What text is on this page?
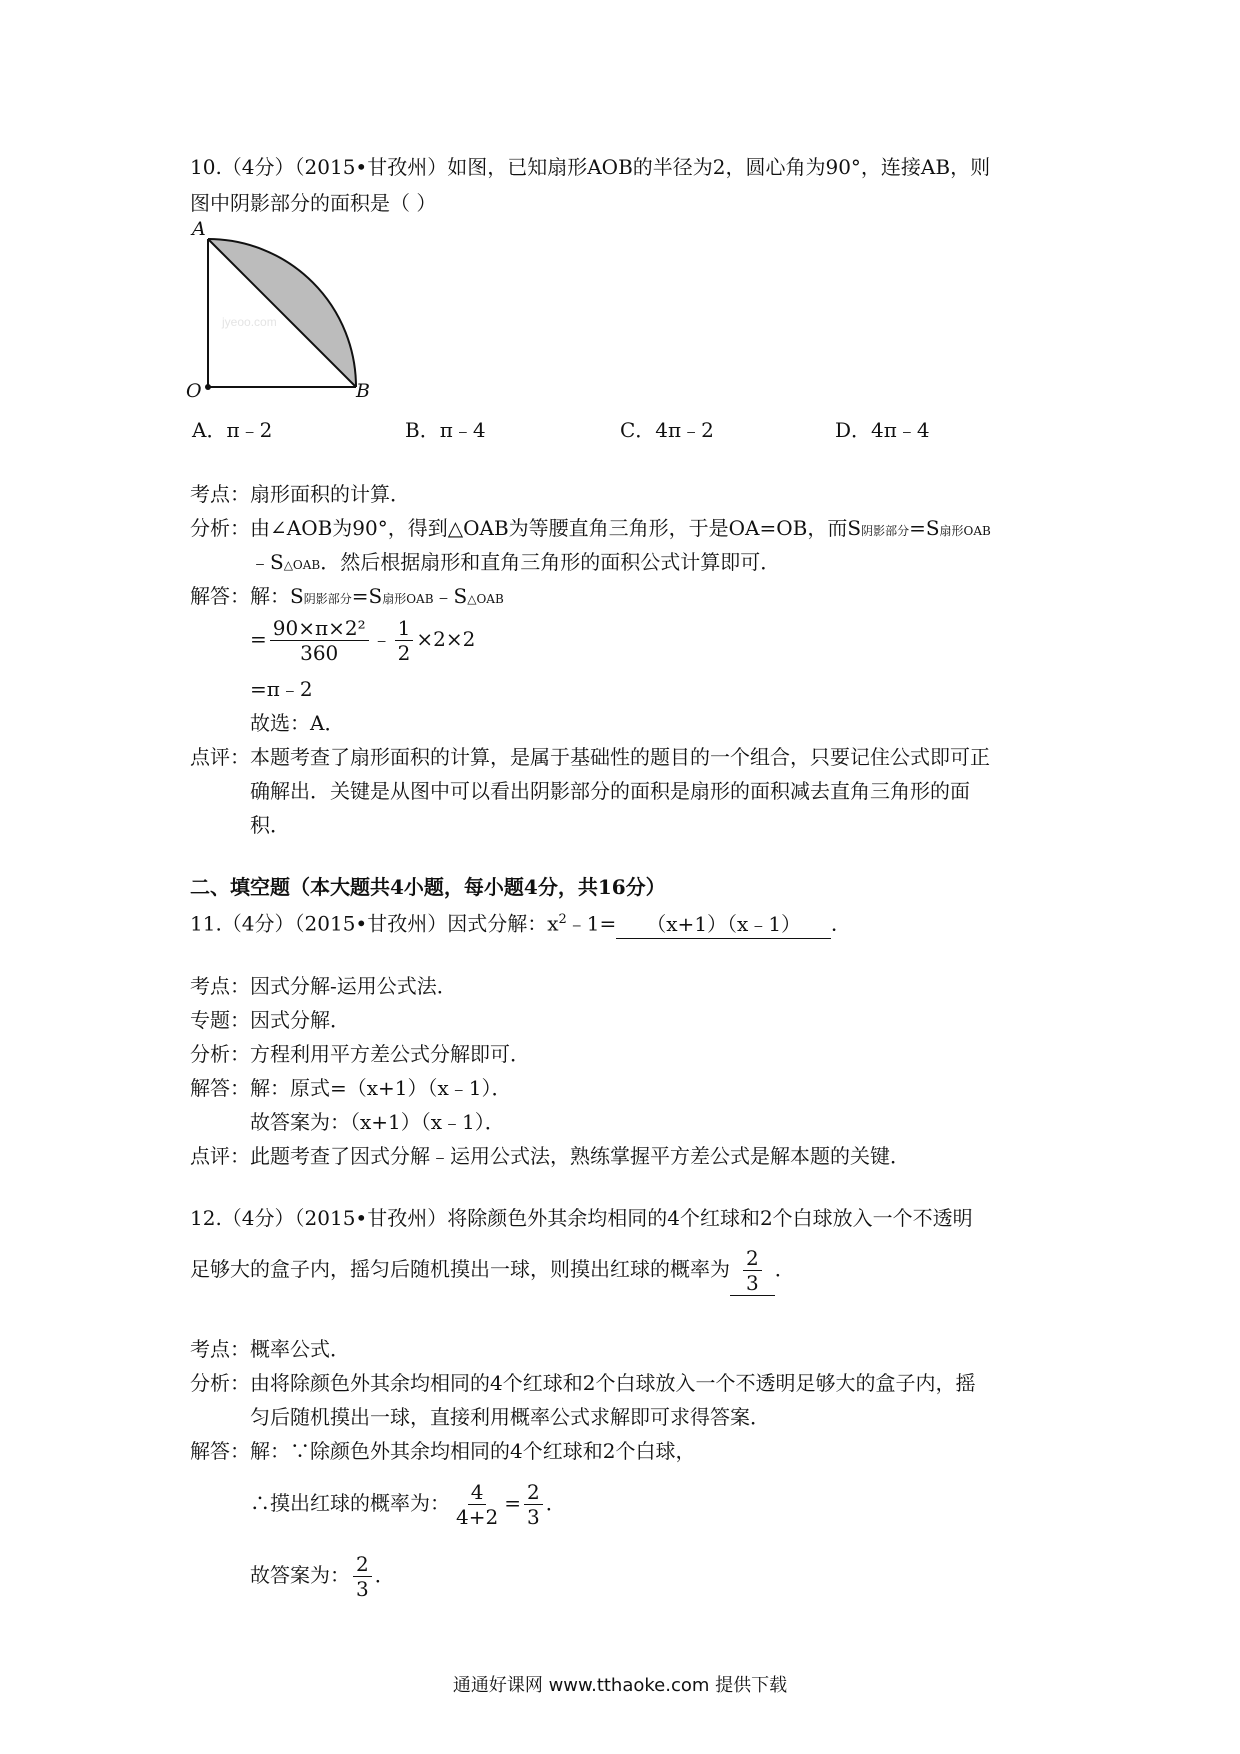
10.（4分）（2015•甘孜州）如图，已知扇形AOB的半径为2，圆心角为90°，连接AB，则
图中阴影部分的面积是（ ）
jyeoo.com
A
O	B
A．π﹣2	B．π﹣4	C．4π﹣2	D．4π﹣4
考点：扇形面积的计算．
分析：由∠AOB为90°，得到△OAB为等腰直角三角形，于是OA=OB，而S阴影部分=S扇形OAB
﹣S△OAB．然后根据扇形和直角三角形的面积公式计算即可．
解答：解：S阴影部分=S扇形OAB﹣S△OAB
= $\frac{\text{90×π×2²}}{360}$ ﹣ $\frac{1}{2} \times 2\times 2$
=π﹣2
故选：A．
点评：本题考查了扇形面积的计算，是属于基础性的题目的一个组合，只要记住公式即可正
确解出．关键是从图中可以看出阴影部分的面积是扇形的面积减去直角三角形的面
积．
二、填空题（本大题共4小题，每小题4分，共16分）
11.（4分）（2015•甘孜州）因式分解：$x^2﹣1=$ （x+1）（x﹣1） ．
考点：因式分解-运用公式法．
专题：因式分解．
分析：方程利用平方差公式分解即可．
解答：解：原式=（x+1）（x﹣1）．
故答案为：（x+1）（x﹣1）．
点评：此题考查了因式分解﹣运用公式法，熟练掌握平方差公式是解本题的关键．
12.（4分）（2015•甘孜州）将除颜色外其余均相同的4个红球和2个白球放入一个不透明
足够大的盒子内，摇匀后随机摸出一球，则摸出红球的概率为 $\frac{2}{3}$ ．
考点：概率公式．
分析：由将除颜色外其余均相同的4个红球和2个白球放入一个不透明足够大的盒子内，摇
匀后随机摸出一球，直接利用概率公式求解即可求得答案．
解答：解：∵除颜色外其余均相同的4个红球和2个白球，
∴摸出红球的概率为： $\frac{4}{4+2} = \frac{2}{3}$ ．
故答案为： $\frac{2}{3}$ ．
通通好课网 www.tthaoke.com 提供下载
